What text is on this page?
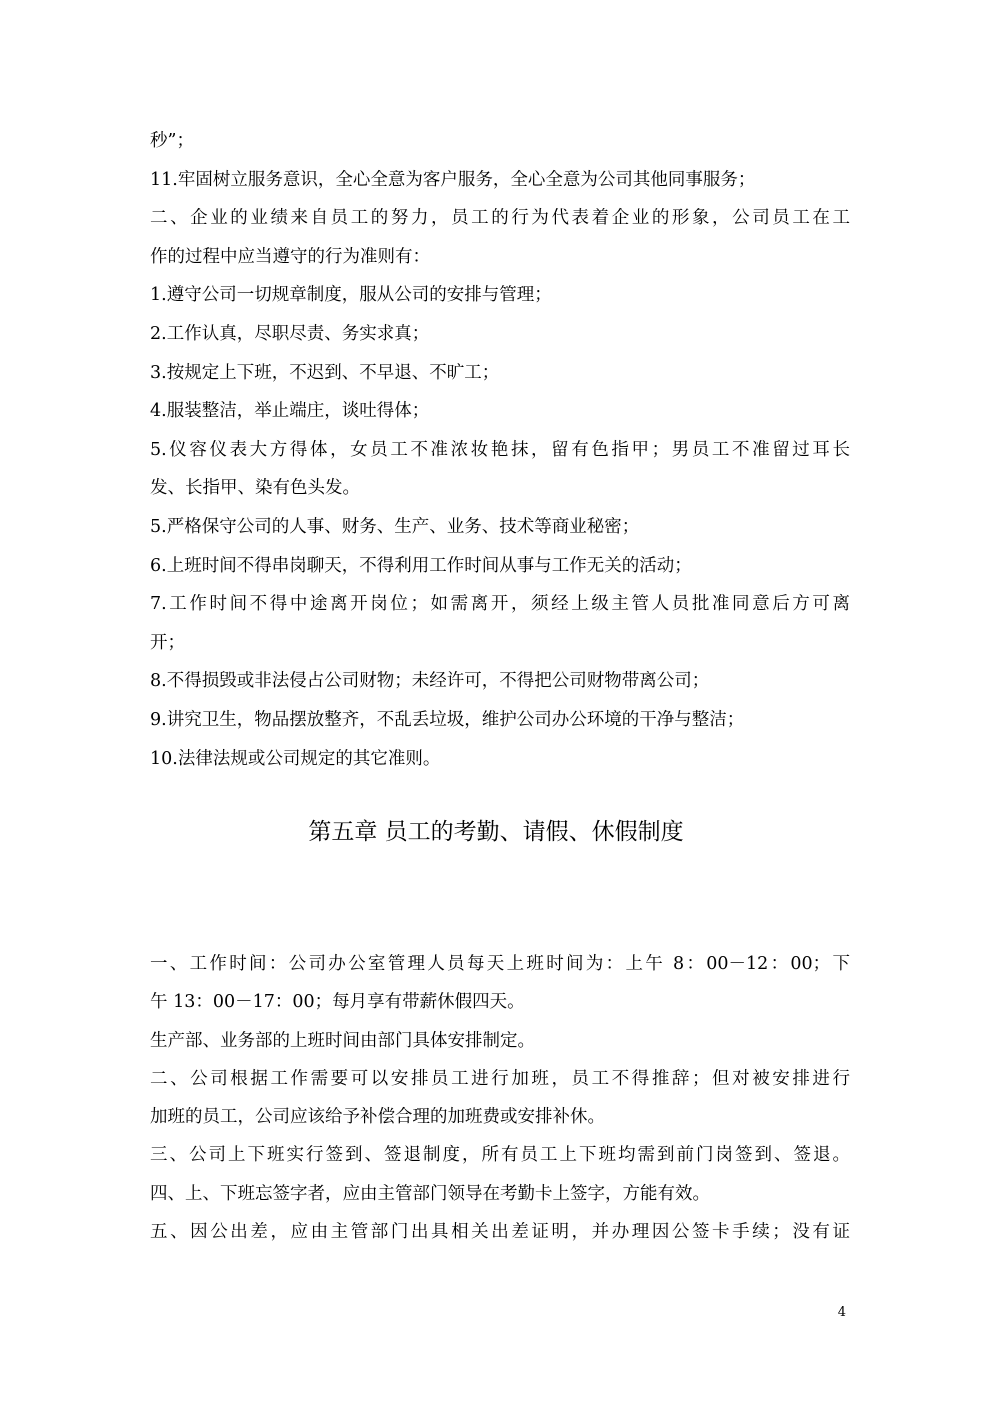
秒”；
11.牢固树立服务意识，全心全意为客户服务，全心全意为公司其他同事服务；
二、企业的业绩来自员工的努力，员工的行为代表着企业的形象，公司员工在工
作的过程中应当遵守的行为准则有：
1.遵守公司一切规章制度，服从公司的安排与管理；
2.工作认真，尽职尽责、务实求真；
3.按规定上下班，不迟到、不早退、不旷工；
4.服装整洁，举止端庄，谈吐得体；
5.仪容仪表大方得体，女员工不准浓妆艳抹，留有色指甲；男员工不准留过耳长
发、长指甲、染有色头发。
5.严格保守公司的人事、财务、生产、业务、技术等商业秘密；
6.上班时间不得串岗聊天，不得利用工作时间从事与工作无关的活动；
7.工作时间不得中途离开岗位；如需离开，须经上级主管人员批准同意后方可离
开；
8.不得损毁或非法侵占公司财物；未经许可，不得把公司财物带离公司；
9.讲究卫生，物品摆放整齐，不乱丢垃圾，维护公司办公环境的干净与整洁；
10.法律法规或公司规定的其它准则。
第五章 员工的考勤、请假、休假制度
一、工作时间：公司办公室管理人员每天上班时间为：上午 8：00－12：00；下
午 13：00－17：00；每月享有带薪休假四天。
生产部、业务部的上班时间由部门具体安排制定。
二、公司根据工作需要可以安排员工进行加班，员工不得推辞；但对被安排进行
加班的员工，公司应该给予补偿合理的加班费或安排补休。
三、公司上下班实行签到、签退制度，所有员工上下班均需到前门岗签到、签退。
四、上、下班忘签字者，应由主管部门领导在考勤卡上签字，方能有效。
五、因公出差，应由主管部门出具相关出差证明，并办理因公签卡手续；没有证
4
